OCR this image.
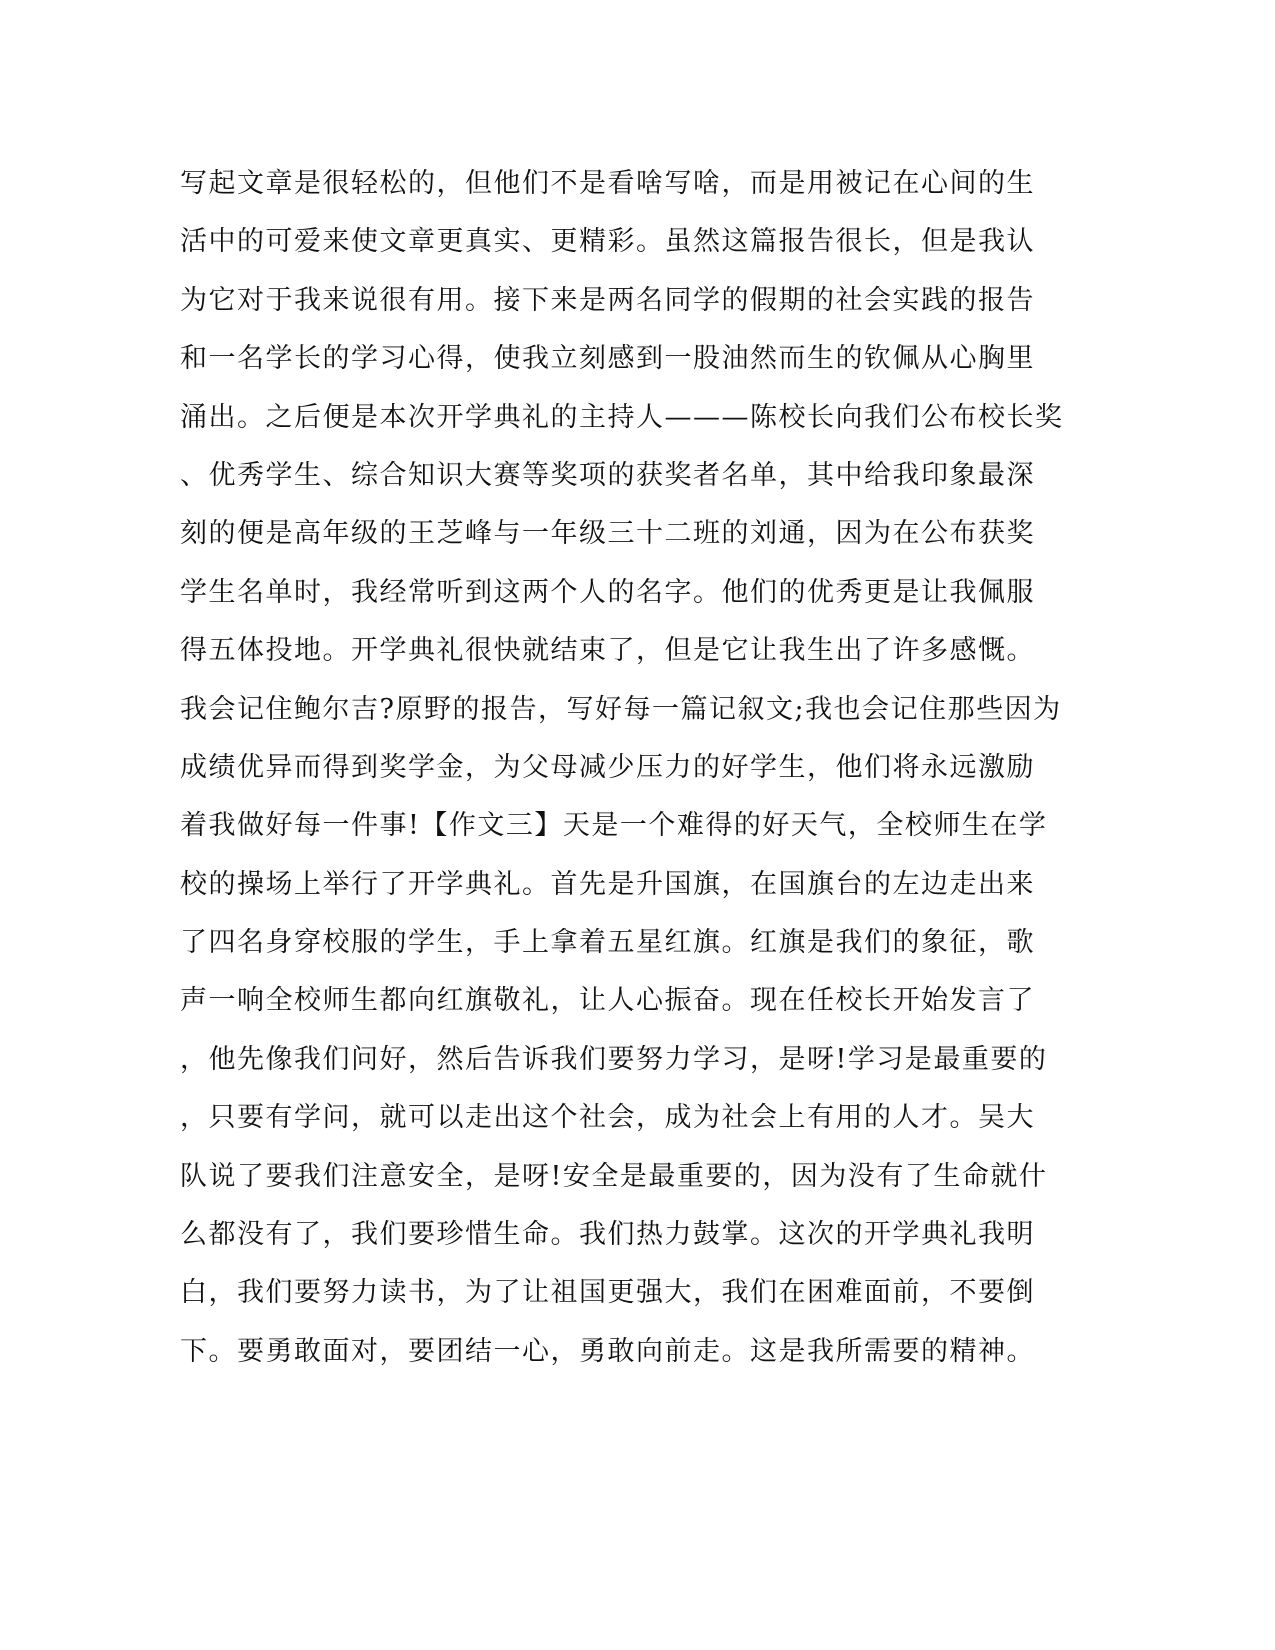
写起文章是很轻松的，但他们不是看啥写啥，而是用被记在心间的生
活中的可爱来使文章更真实、更精彩。虽然这篇报告很长，但是我认
为它对于我来说很有用。接下来是两名同学的假期的社会实践的报告
和一名学长的学习心得，使我立刻感到一股油然而生的钦佩从心胸里
涌出。之后便是本次开学典礼的主持人———陈校长向我们公布校长奖
、优秀学生、综合知识大赛等奖项的获奖者名单，其中给我印象最深
刻的便是高年级的王芝峰与一年级三十二班的刘通，因为在公布获奖
学生名单时，我经常听到这两个人的名字。他们的优秀更是让我佩服
得五体投地。开学典礼很快就结束了，但是它让我生出了许多感慨。
我会记住鲍尔吉?原野的报告，写好每一篇记叙文;我也会记住那些因为
成绩优异而得到奖学金，为父母减少压力的好学生，他们将永远激励
着我做好每一件事!【作文三】天是一个难得的好天气，全校师生在学
校的操场上举行了开学典礼。首先是升国旗，在国旗台的左边走出来
了四名身穿校服的学生，手上拿着五星红旗。红旗是我们的象征，歌
声一响全校师生都向红旗敬礼，让人心振奋。现在任校长开始发言了
，他先像我们问好，然后告诉我们要努力学习，是呀!学习是最重要的
，只要有学问，就可以走出这个社会，成为社会上有用的人才。吴大
队说了要我们注意安全，是呀!安全是最重要的，因为没有了生命就什
么都没有了，我们要珍惜生命。我们热力鼓掌。这次的开学典礼我明
白，我们要努力读书，为了让祖国更强大，我们在困难面前，不要倒
下。要勇敢面对，要团结一心，勇敢向前走。这是我所需要的精神。
